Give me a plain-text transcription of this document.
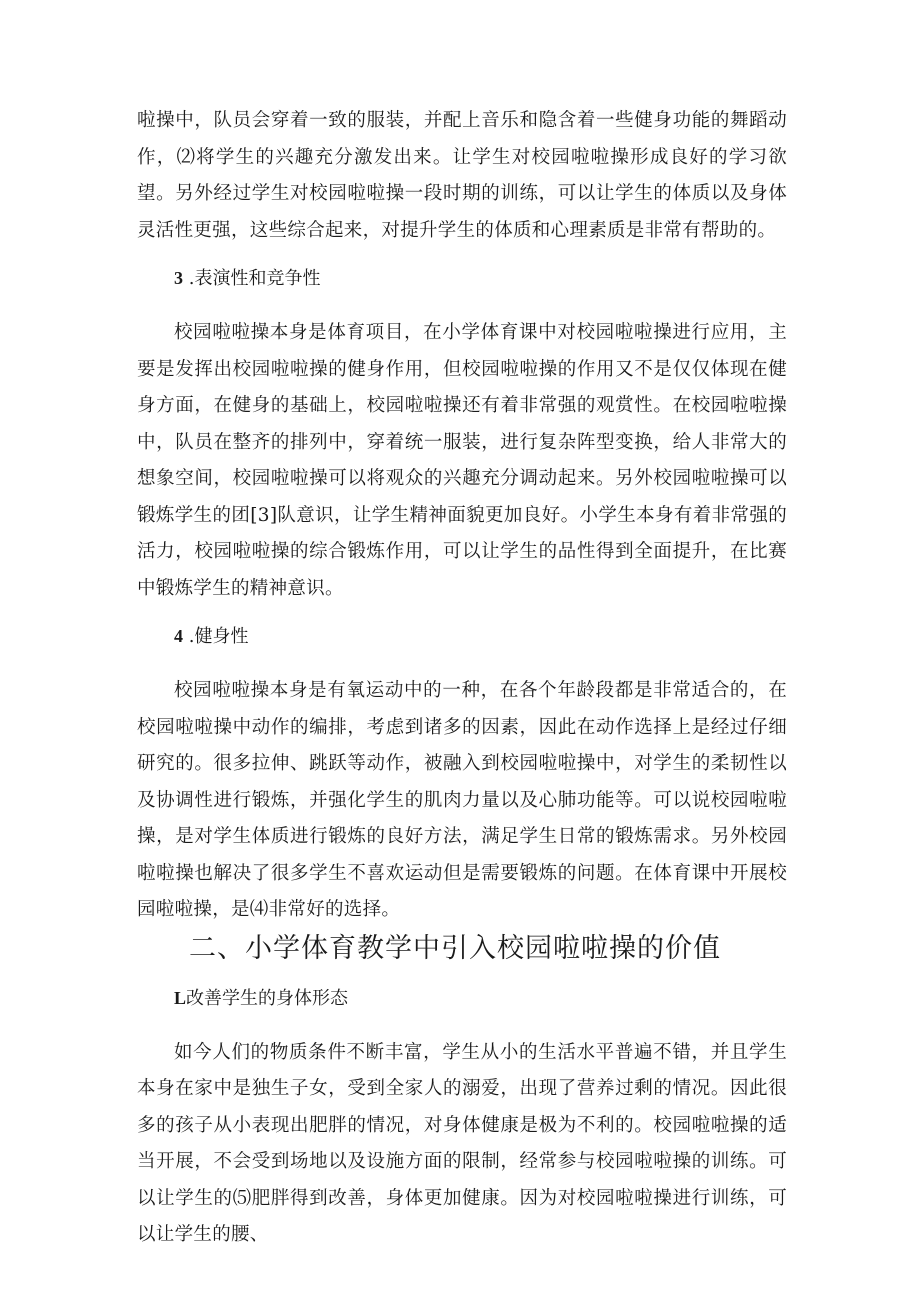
啦操中，队员会穿着一致的服装，并配上音乐和隐含着一些健身功能的舞蹈动作，⑵将学生的兴趣充分激发出来。让学生对校园啦啦操形成良好的学习欲望。另外经过学生对校园啦啦操一段时期的训练，可以让学生的体质以及身体灵活性更强，这些综合起来，对提升学生的体质和心理素质是非常有帮助的。

3 .表演性和竞争性

校园啦啦操本身是体育项目，在小学体育课中对校园啦啦操进行应用，主要是发挥出校园啦啦操的健身作用，但校园啦啦操的作用又不是仅仅体现在健身方面，在健身的基础上，校园啦啦操还有着非常强的观赏性。在校园啦啦操中，队员在整齐的排列中，穿着统一服装，进行复杂阵型变换，给人非常大的想象空间，校园啦啦操可以将观众的兴趣充分调动起来。另外校园啦啦操可以锻炼学生的团[3]队意识，让学生精神面貌更加良好。小学生本身有着非常强的活力，校园啦啦操的综合锻炼作用，可以让学生的品性得到全面提升，在比赛中锻炼学生的精神意识。

4 .健身性

校园啦啦操本身是有氧运动中的一种，在各个年龄段都是非常适合的，在校园啦啦操中动作的编排，考虑到诸多的因素，因此在动作选择上是经过仔细研究的。很多拉伸、跳跃等动作，被融入到校园啦啦操中，对学生的柔韧性以及协调性进行锻炼，并强化学生的肌肉力量以及心肺功能等。可以说校园啦啦操，是对学生体质进行锻炼的良好方法，满足学生日常的锻炼需求。另外校园啦啦操也解决了很多学生不喜欢运动但是需要锻炼的问题。在体育课中开展校园啦啦操，是⑷非常好的选择。

二、小学体育教学中引入校园啦啦操的价值

L改善学生的身体形态

如今人们的物质条件不断丰富，学生从小的生活水平普遍不错，并且学生本身在家中是独生子女，受到全家人的溺爱，出现了营养过剩的情况。因此很多的孩子从小表现出肥胖的情况，对身体健康是极为不利的。校园啦啦操的适当开展，不会受到场地以及设施方面的限制，经常参与校园啦啦操的训练。可以让学生的⑸肥胖得到改善，身体更加健康。因为对校园啦啦操进行训练，可以让学生的腰、
